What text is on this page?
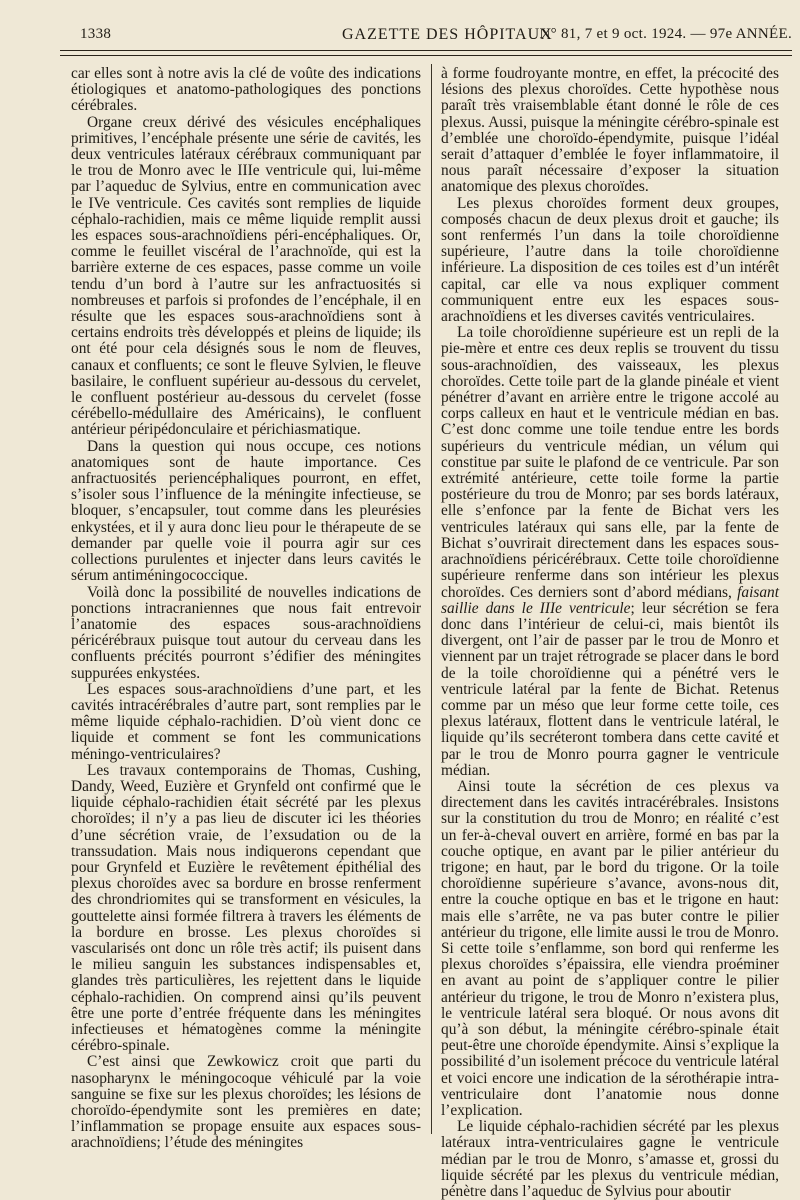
1338	GAZETTE DES HÔPITAUX
N° 81, 7 et 9 oct. 1924. — 97e ANNÉE.

car elles sont à notre avis la clé de voûte des indications étiologiques et anatomo-pathologiques des ponctions cérébrales.

Organe creux dérivé des vésicules encéphaliques primitives, l’encéphale présente une série de cavités, les deux ventricules latéraux cérébraux communiquant par le trou de Monro avec le IIIe ventricule qui, lui-même par l’aqueduc de Sylvius, entre en communication avec le IVe ventricule. Ces cavités sont remplies de liquide céphalo-rachidien, mais ce même liquide remplit aussi les espaces sous-arachnoïdiens péri-encéphaliques. Or, comme le feuillet viscéral de l’arachnoïde, qui est la barrière externe de ces espaces, passe comme un voile tendu d’un bord à l’autre sur les anfractuosités si nombreuses et parfois si profondes de l’encéphale, il en résulte que les espaces sous-arachnoïdiens sont à certains endroits très développés et pleins de liquide; ils ont été pour cela désignés sous le nom de fleuves, canaux et confluents; ce sont le fleuve Sylvien, le fleuve basilaire, le confluent supérieur au-dessous du cervelet, le confluent postérieur au-dessous du cervelet (fosse cérébello-médullaire des Américains), le confluent antérieur péripédonculaire et périchiasmatique.

Dans la question qui nous occupe, ces notions anatomiques sont de haute importance. Ces anfractuosités periencéphaliques pourront, en effet, s’isoler sous l’influence de la méningite infectieuse, se bloquer, s’encapsuler, tout comme dans les pleurésies enkystées, et il y aura donc lieu pour le thérapeute de se demander par quelle voie il pourra agir sur ces collections purulentes et injecter dans leurs cavités le sérum antiméningococcique.

Voilà donc la possibilité de nouvelles indications de ponctions intracraniennes que nous fait entrevoir l’anatomie des espaces sous-arachnoïdiens péricérébraux puisque tout autour du cerveau dans les confluents précités pourront s’édifier des méningites suppurées enkystées.

Les espaces sous-arachnoïdiens d’une part, et les cavités intracérébrales d’autre part, sont remplies par le même liquide céphalo-rachidien. D’où vient donc ce liquide et comment se font les communications méningo-ventriculaires?

Les travaux contemporains de Thomas, Cushing, Dandy, Weed, Euzière et Grynfeld ont confirmé que le liquide céphalo-rachidien était sécrété par les plexus choroïdes; il n’y a pas lieu de discuter ici les théories d’une sécrétion vraie, de l’exsudation ou de la transsudation. Mais nous indiquerons cependant que pour Grynfeld et Euzière le revêtement épithélial des plexus choroïdes avec sa bordure en brosse renferment des chrondriomites qui se transforment en vésicules, la gouttelette ainsi formée filtrera à travers les éléments de la bordure en brosse. Les plexus choroïdes si vascularisés ont donc un rôle très actif; ils puisent dans le milieu sanguin les substances indispensables et, glandes très particulières, les rejettent dans le liquide céphalo-rachidien. On comprend ainsi qu’ils peuvent être une porte d’entrée fréquente dans les méningites infectieuses et hématogènes comme la méningite cérébro-spinale.

C’est ainsi que Zewkowicz croit que parti du nasopharynx le méningocoque véhiculé par la voie sanguine se fixe sur les plexus choroïdes; les lésions de choroïdo-épendymite sont les premières en date; l’inflammation se propage ensuite aux espaces sous-arachnoïdiens; l’étude des méningites

à forme foudroyante montre, en effet, la précocité des lésions des plexus choroïdes. Cette hypothèse nous paraît très vraisemblable étant donné le rôle de ces plexus. Aussi, puisque la méningite cérébro-spinale est d’emblée une choroïdo-épendymite, puisque l’idéal serait d’attaquer d’emblée le foyer inflammatoire, il nous paraît nécessaire d’exposer la situation anatomique des plexus choroïdes.

Les plexus choroïdes forment deux groupes, composés chacun de deux plexus droit et gauche; ils sont renfermés l’un dans la toile choroïdienne supérieure, l’autre dans la toile choroïdienne inférieure. La disposition de ces toiles est d’un intérêt capital, car elle va nous expliquer comment communiquent entre eux les espaces sous-arachnoïdiens et les diverses cavités ventriculaires.

La toile choroïdienne supérieure est un repli de la pie-mère et entre ces deux replis se trouvent du tissu sous-arachnoïdien, des vaisseaux, les plexus choroïdes. Cette toile part de la glande pinéale et vient pénétrer d’avant en arrière entre le trigone accolé au corps calleux en haut et le ventricule médian en bas. C’est donc comme une toile tendue entre les bords supérieurs du ventricule médian, un vélum qui constitue par suite le plafond de ce ventricule. Par son extrémité antérieure, cette toile forme la partie postérieure du trou de Monro; par ses bords latéraux, elle s’enfonce par la fente de Bichat vers les ventricules latéraux qui sans elle, par la fente de Bichat s’ouvrirait directement dans les espaces sous-arachnoïdiens péricérébraux. Cette toile choroïdienne supérieure renferme dans son intérieur les plexus choroïdes. Ces derniers sont d’abord médians, faisant saillie dans le IIIe ventricule; leur sécrétion se fera donc dans l’intérieur de celui-ci, mais bientôt ils divergent, ont l’air de passer par le trou de Monro et viennent par un trajet rétrograde se placer dans le bord de la toile choroïdienne qui a pénétré vers le ventricule latéral par la fente de Bichat. Retenus comme par un méso que leur forme cette toile, ces plexus latéraux, flottent dans le ventricule latéral, le liquide qu’ils secréteront tombera dans cette cavité et par le trou de Monro pourra gagner le ventricule médian.

Ainsi toute la sécrétion de ces plexus va directement dans les cavités intracérébrales. Insistons sur la constitution du trou de Monro; en réalité c’est un fer-à-cheval ouvert en arrière, formé en bas par la couche optique, en avant par le pilier antérieur du trigone; en haut, par le bord du trigone. Or la toile choroïdienne supérieure s’avance, avons-nous dit, entre la couche optique en bas et le trigone en haut: mais elle s’arrête, ne va pas buter contre le pilier antérieur du trigone, elle limite aussi le trou de Monro. Si cette toile s’enflamme, son bord qui renferme les plexus choroïdes s’épaissira, elle viendra proéminer en avant au point de s’appliquer contre le pilier antérieur du trigone, le trou de Monro n’existera plus, le ventricule latéral sera bloqué. Or nous avons dit qu’à son début, la méningite cérébro-spinale était peut-être une choroïde épendymite. Ainsi s’explique la possibilité d’un isolement précoce du ventricule latéral et voici encore une indication de la sérothérapie intra-ventriculaire dont l’anatomie nous donne l’explication.

Le liquide céphalo-rachidien sécrété par les plexus latéraux intra-ventriculaires gagne le ventricule médian par le trou de Monro, s’amasse et, grossi du liquide sécrété par les plexus du ventricule médian, pénètre dans l’aqueduc de Sylvius pour aboutir
